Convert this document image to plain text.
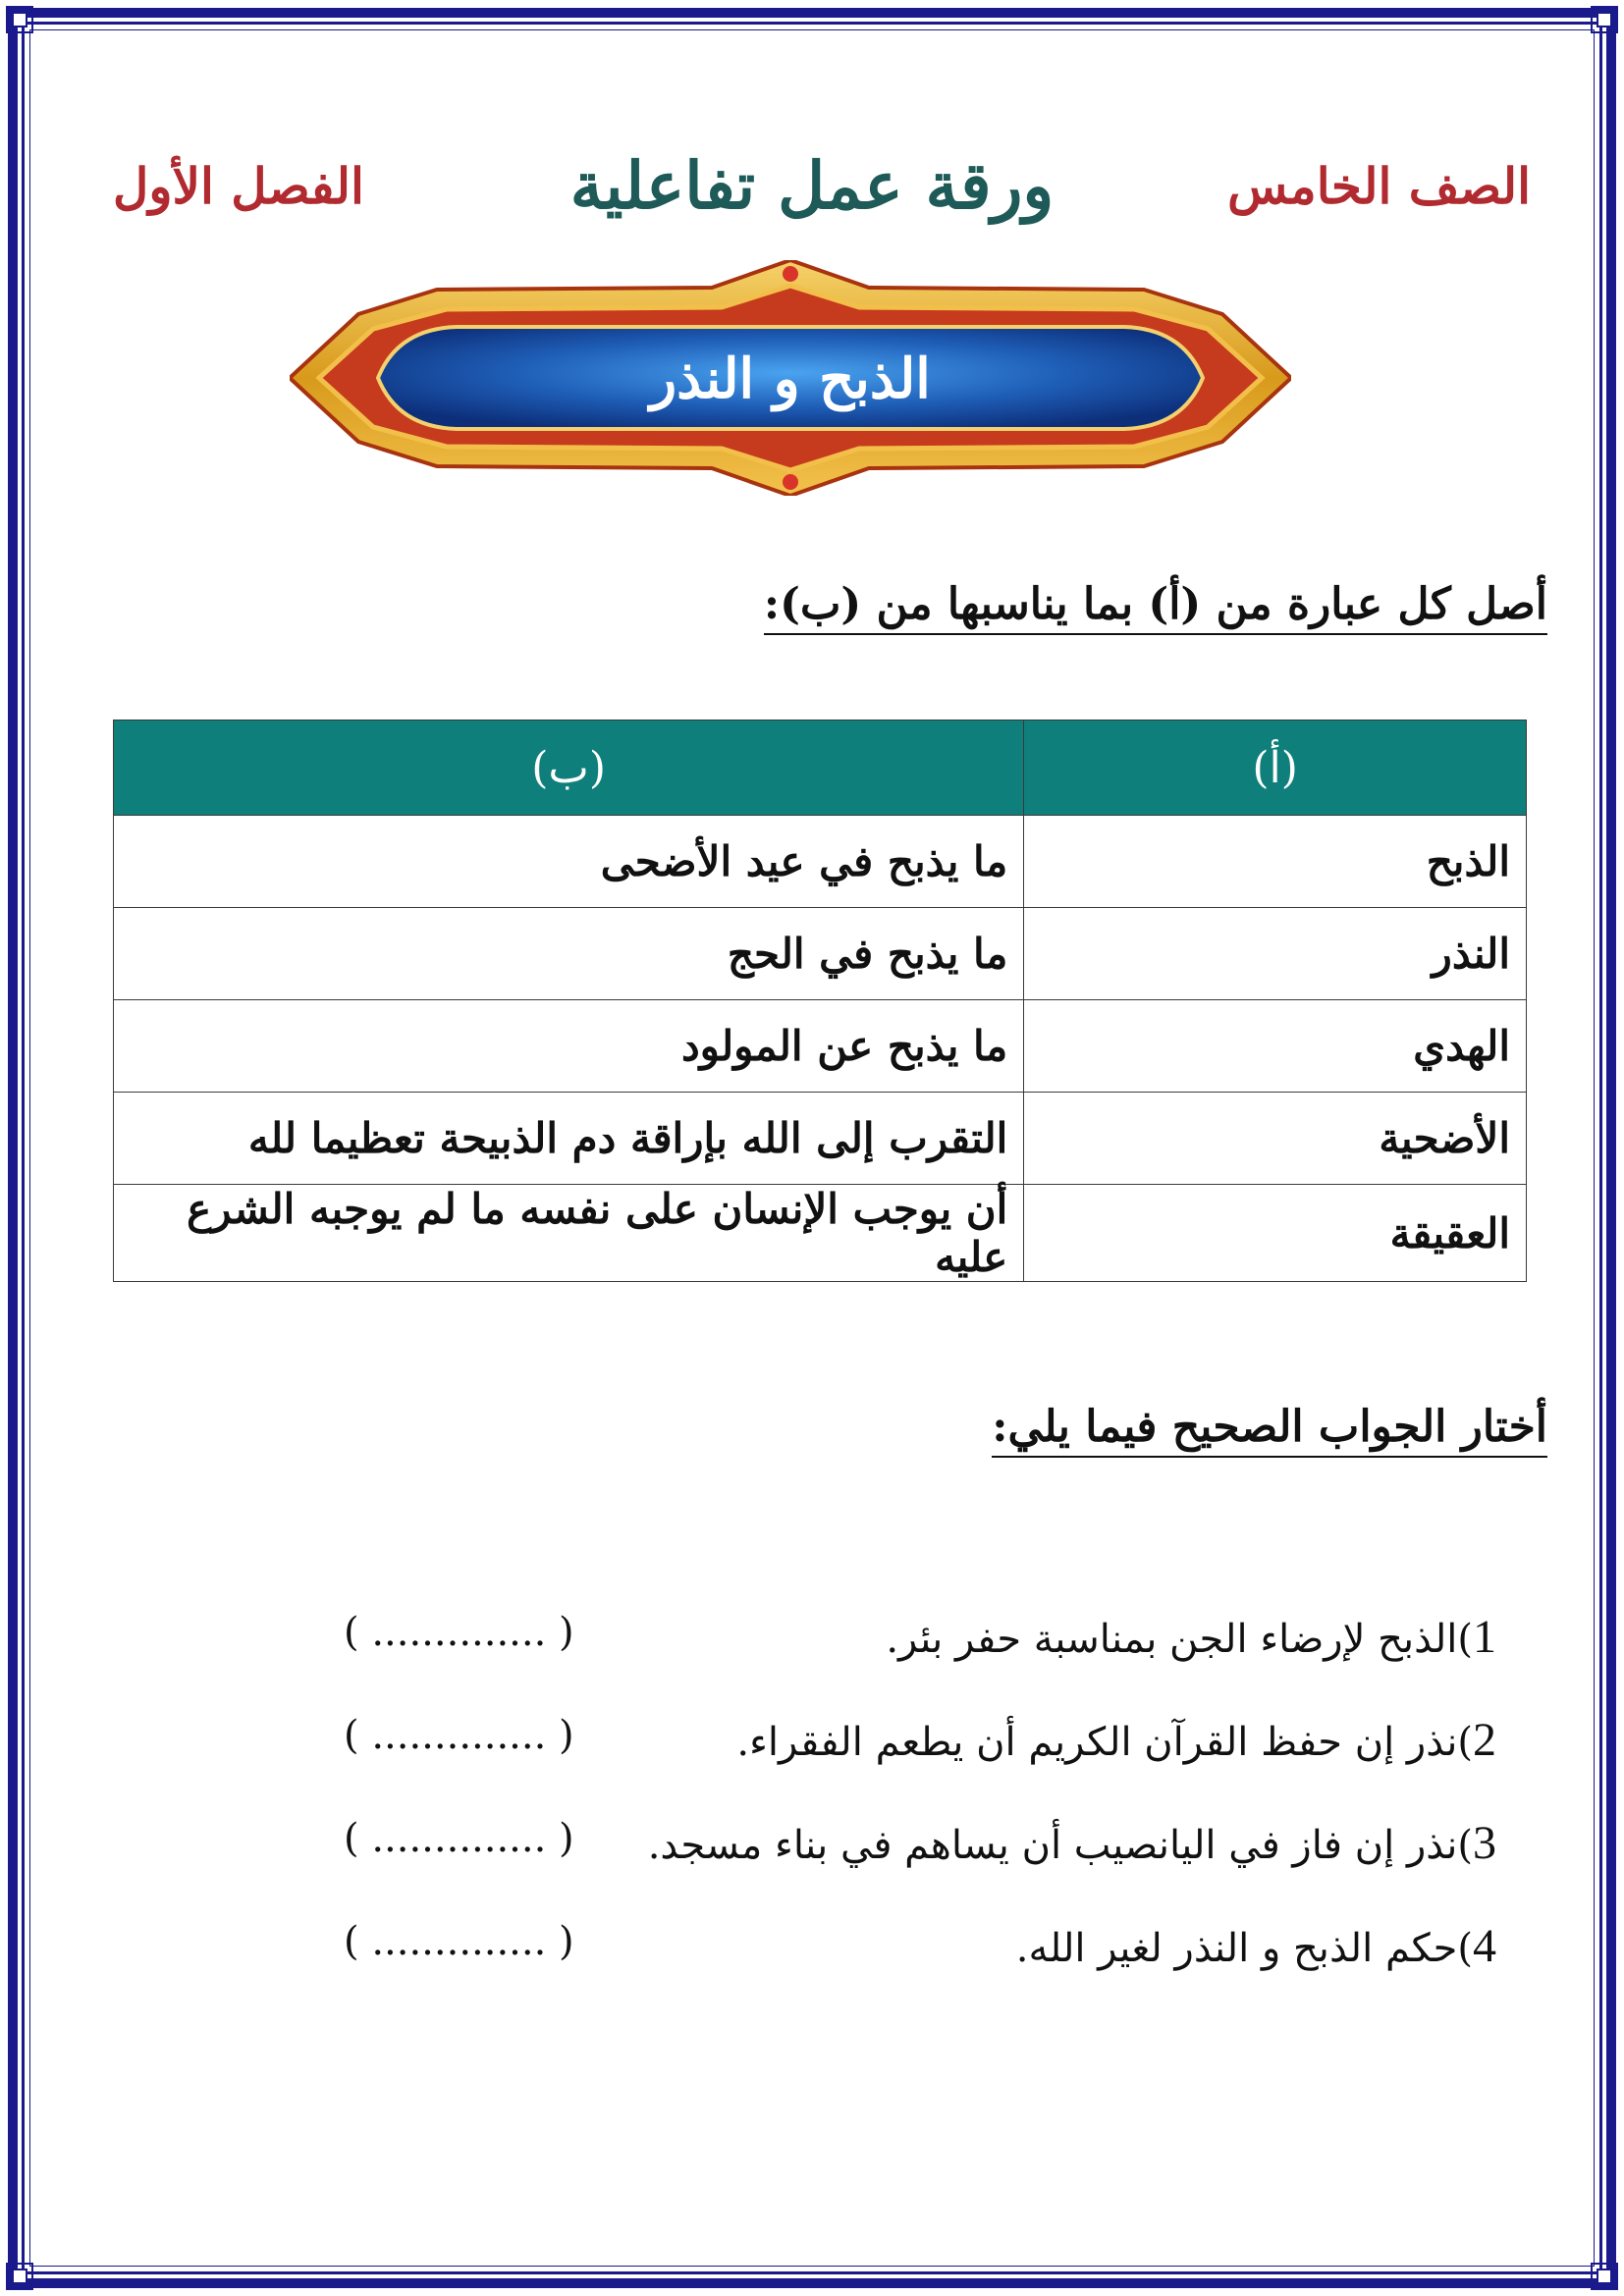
الصف الخامس
ورقة عمل تفاعلية
الفصل الأول
الذبح و النذر
أصل كل عبارة من (أ) بما يناسبها من (ب):
(أ)	(ب)
الذبح	ما يذبح في عيد الأضحى
النذر	ما يذبح في الحج
الهدي	ما يذبح عن المولود
الأضحية	التقرب إلى الله بإراقة دم الذبيحة تعظيما لله
العقيقة	أن يوجب الإنسان على نفسه ما لم يوجبه الشرع عليه
أختار الجواب الصحيح فيما يلي:
1)الذبح لإرضاء الجن بمناسبة حفر بئر.
( .............. )
2)نذر إن حفظ القرآن الكريم أن يطعم الفقراء.
( .............. )
3)نذر إن فاز في اليانصيب أن يساهم في بناء مسجد.
( .............. )
4)حكم الذبح و النذر لغير الله.
( .............. )
